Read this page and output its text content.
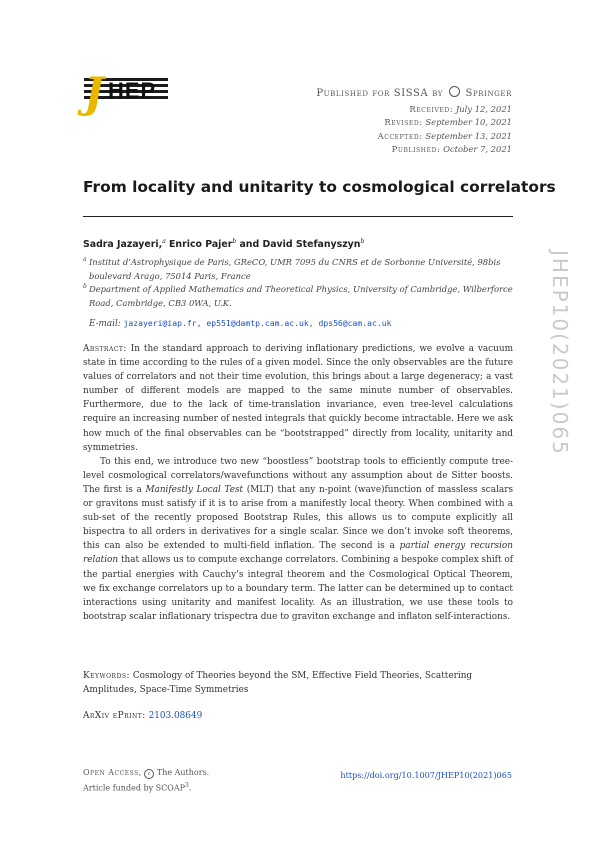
J HEP	Published for SISSA by Springer
Received: July 12, 2021
Revised: September 10, 2021
Accepted: September 13, 2021
Published: October 7, 2021
From locality and unitarity to cosmological correlators
Sadra Jazayeri,$^a$ Enrico Pajer$^b$ and David Stefanyszyn$^b$
a Institut d’Astrophysique de Paris, GReCO, UMR 7095 du CNRS et de Sorbonne Université, 98bis boulevard Arago, 75014 Paris, France
b Department of Applied Mathematics and Theoretical Physics, University of Cambridge, Wilberforce Road, Cambridge, CB3 0WA, U.K.
E-mail: jazayeri@iap.fr, ep551@damtp.cam.ac.uk, dps56@cam.ac.uk

Abstract: In the standard approach to deriving inflationary predictions, we evolve a vacuum state in time according to the rules of a given model. Since the only observables are the future values of correlators and not their time evolution, this brings about a large degeneracy; a vast number of different models are mapped to the same minute number of observables. Furthermore, due to the lack of time-translation invariance, even tree-level calculations require an increasing number of nested integrals that quickly become intractable. Here we ask how much of the final observables can be “bootstrapped” directly from locality, unitarity and symmetries.

To this end, we introduce two new “boostless” bootstrap tools to efficiently compute tree-level cosmological correlators/wavefunctions without any assumption about de Sitter boosts. The first is a Manifestly Local Test (MLT) that any n-point (wave)function of massless scalars or gravitons must satisfy if it is to arise from a manifestly local theory. When combined with a sub-set of the recently proposed Bootstrap Rules, this allows us to compute explicitly all bispectra to all orders in derivatives for a single scalar. Since we don’t invoke soft theorems, this can also be extended to multi-field inflation. The second is a partial energy recursion relation that allows us to compute exchange correlators. Combining a bespoke complex shift of the partial energies with Cauchy’s integral theorem and the Cosmological Optical Theorem, we fix exchange correlators up to a boundary term. The latter can be determined up to contact interactions using unitarity and manifest locality. As an illustration, we use these tools to bootstrap scalar inflationary trispectra due to graviton exchange and inflaton self-interactions.

Keywords: Cosmology of Theories beyond the SM, Effective Field Theories, Scattering Amplitudes, Space-Time Symmetries
ArXiv ePrint: 2103.08649
Open Access, c The Authors.
Article funded by SCOAP$^3$.
https://doi.org/10.1007/JHEP10(2021)065
JHEP10(2021)065
